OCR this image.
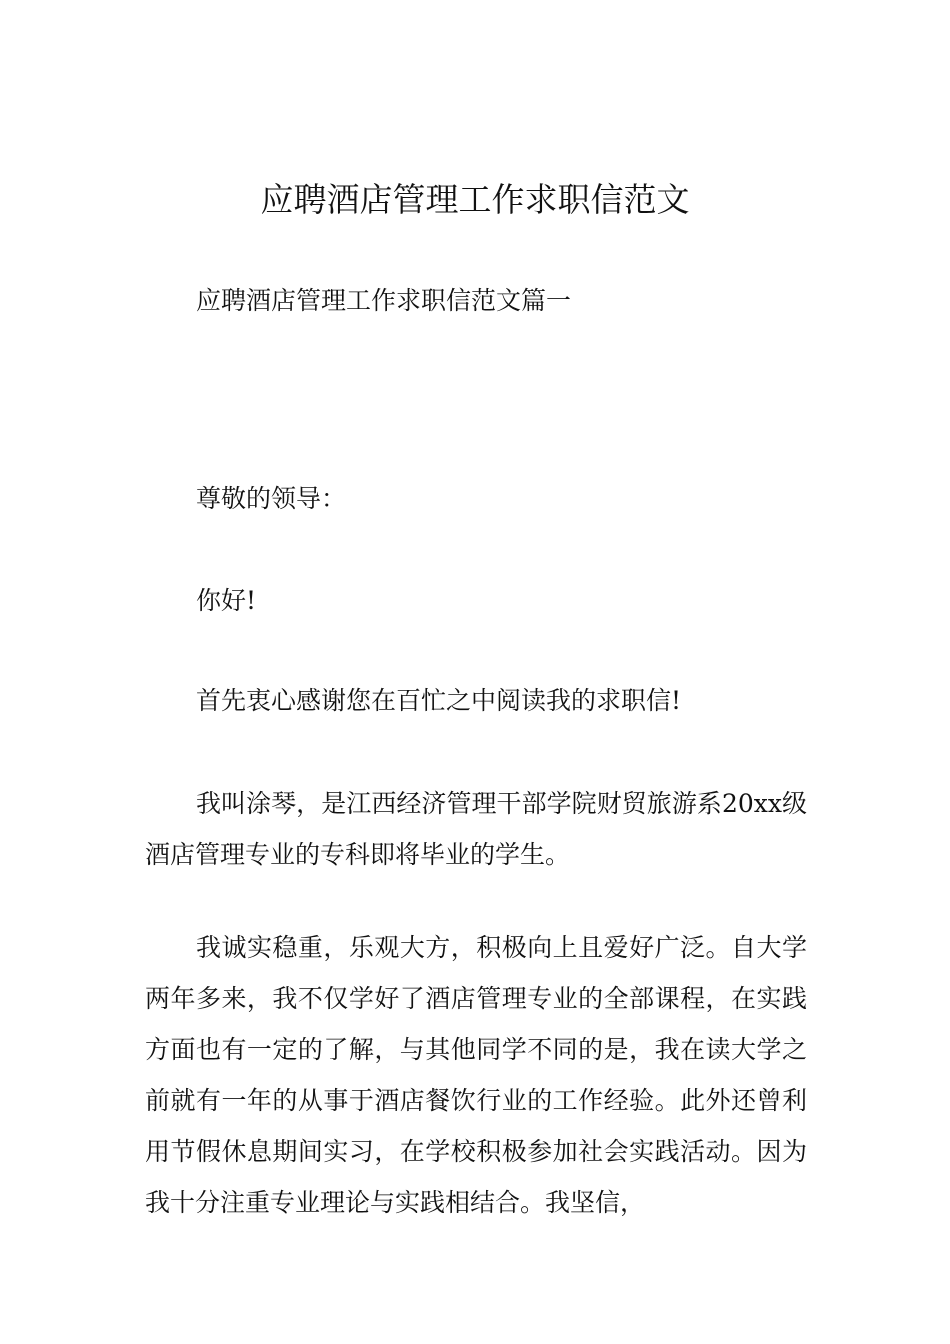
应聘酒店管理工作求职信范文

应聘酒店管理工作求职信范文篇一

尊敬的领导：

你好!

首先衷心感谢您在百忙之中阅读我的求职信!

我叫涂琴，是江西经济管理干部学院财贸旅游系20xx级酒店管理专业的专科即将毕业的学生。

我诚实稳重，乐观大方，积极向上且爱好广泛。自大学两年多来，我不仅学好了酒店管理专业的全部课程，在实践方面也有一定的了解，与其他同学不同的是，我在读大学之前就有一年的从事于酒店餐饮行业的工作经验。此外还曾利用节假休息期间实习，在学校积极参加社会实践活动。因为我十分注重专业理论与实践相结合。我坚信，
